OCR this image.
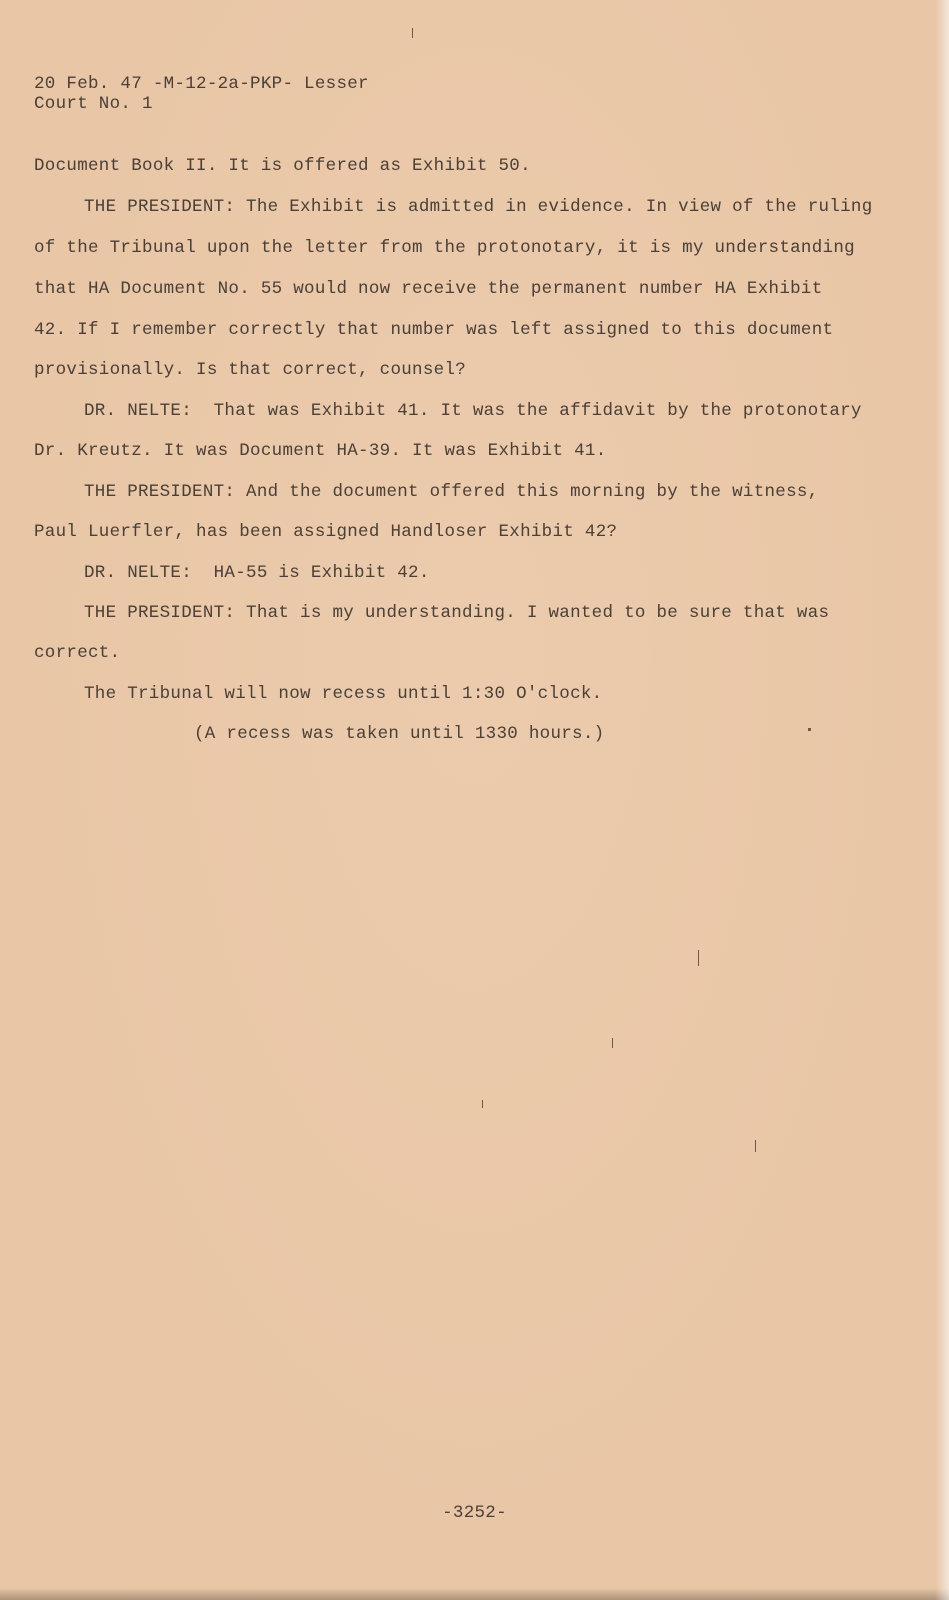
20 Feb. 47 -M-12-2a-PKP- Lesser
Court No. 1
Document Book II. It is offered as Exhibit 50.
THE PRESIDENT: The Exhibit is admitted in evidence. In view of the ruling
of the Tribunal upon the letter from the protonotary, it is my understanding
that HA Document No. 55 would now receive the permanent number HA Exhibit
42. If I remember correctly that number was left assigned to this document
provisionally. Is that correct, counsel?
DR. NELTE:  That was Exhibit 41. It was the affidavit by the protonotary
Dr. Kreutz. It was Document HA-39. It was Exhibit 41.
THE PRESIDENT: And the document offered this morning by the witness,
Paul Luerfler, has been assigned Handloser Exhibit 42?
DR. NELTE:  HA-55 is Exhibit 42.
THE PRESIDENT: That is my understanding. I wanted to be sure that was
correct.
The Tribunal will now recess until 1:30 O'clock.
(A recess was taken until 1330 hours.)
-3252-
